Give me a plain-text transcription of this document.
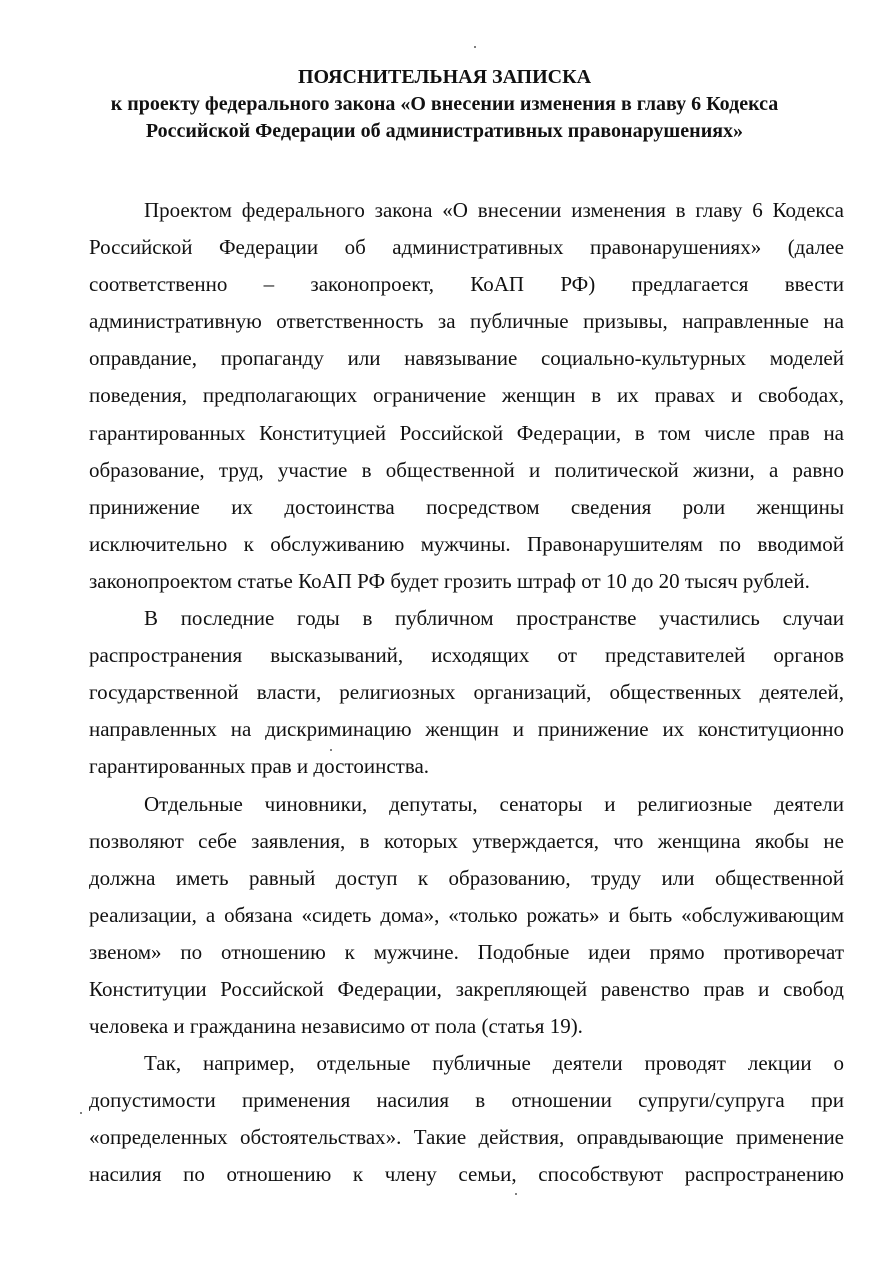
ПОЯСНИТЕЛЬНАЯ ЗАПИСКА
к проекту федерального закона «О внесении изменения в главу 6 Кодекса
Российской Федерации об административных правонарушениях»
Проектом федерального закона «О внесении изменения в главу 6 Кодекса
Российской Федерации об административных правонарушениях» (далее
соответственно – законопроект, КоАП РФ) предлагается ввести
административную ответственность за публичные призывы, направленные на
оправдание, пропаганду или навязывание социально-культурных моделей
поведения, предполагающих ограничение женщин в их правах и свободах,
гарантированных Конституцией Российской Федерации, в том числе прав на
образование, труд, участие в общественной и политической жизни, а равно
принижение их достоинства посредством сведения роли женщины
исключительно к обслуживанию мужчины. Правонарушителям по вводимой
законопроектом статье КоАП РФ будет грозить штраф от 10 до 20 тысяч рублей.
В последние годы в публичном пространстве участились случаи
распространения высказываний, исходящих от представителей органов
государственной власти, религиозных организаций, общественных деятелей,
направленных на дискриминацию женщин и принижение их конституционно
гарантированных прав и достоинства.
Отдельные чиновники, депутаты, сенаторы и религиозные деятели
позволяют себе заявления, в которых утверждается, что женщина якобы не
должна иметь равный доступ к образованию, труду или общественной
реализации, а обязана «сидеть дома», «только рожать» и быть «обслуживающим
звеном» по отношению к мужчине. Подобные идеи прямо противоречат
Конституции Российской Федерации, закрепляющей равенство прав и свобод
человека и гражданина независимо от пола (статья 19).
Так, например, отдельные публичные деятели проводят лекции о
допустимости применения насилия в отношении супруги/супруга при
«определенных обстоятельствах». Такие действия, оправдывающие применение
насилия по отношению к члену семьи, способствуют распространению
